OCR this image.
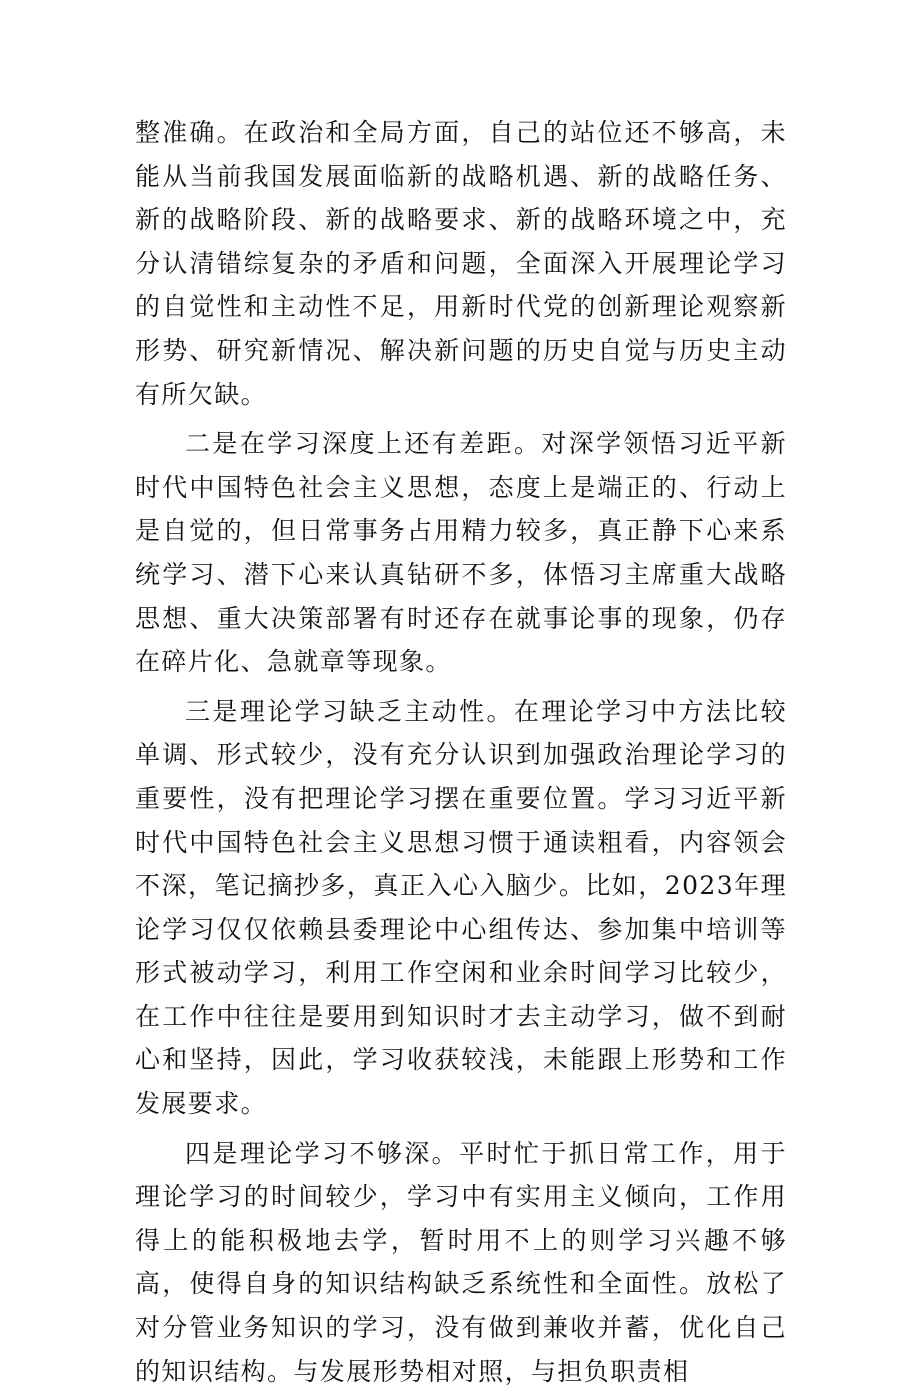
整准确。在政治和全局方面，自己的站位还不够高，未能从当前我国发展面临新的战略机遇、新的战略任务、新的战略阶段、新的战略要求、新的战略环境之中，充分认清错综复杂的矛盾和问题，全面深入开展理论学习的自觉性和主动性不足，用新时代党的创新理论观察新形势、研究新情况、解决新问题的历史自觉与历史主动有所欠缺。

二是在学习深度上还有差距。对深学领悟习近平新时代中国特色社会主义思想，态度上是端正的、行动上是自觉的，但日常事务占用精力较多，真正静下心来系统学习、潜下心来认真钻研不多，体悟习主席重大战略思想、重大决策部署有时还存在就事论事的现象，仍存在碎片化、急就章等现象。

三是理论学习缺乏主动性。在理论学习中方法比较单调、形式较少，没有充分认识到加强政治理论学习的重要性，没有把理论学习摆在重要位置。学习习近平新时代中国特色社会主义思想习惯于通读粗看，内容领会不深，笔记摘抄多，真正入心入脑少。比如，2023年理论学习仅仅依赖县委理论中心组传达、参加集中培训等形式被动学习，利用工作空闲和业余时间学习比较少，在工作中往往是要用到知识时才去主动学习，做不到耐心和坚持，因此，学习收获较浅，未能跟上形势和工作发展要求。

四是理论学习不够深。平时忙于抓日常工作，用于理论学习的时间较少，学习中有实用主义倾向，工作用得上的能积极地去学，暂时用不上的则学习兴趣不够高，使得自身的知识结构缺乏系统性和全面性。放松了对分管业务知识的学习，没有做到兼收并蓄，优化自己的知识结构。与发展形势相对照，与担负职责相
